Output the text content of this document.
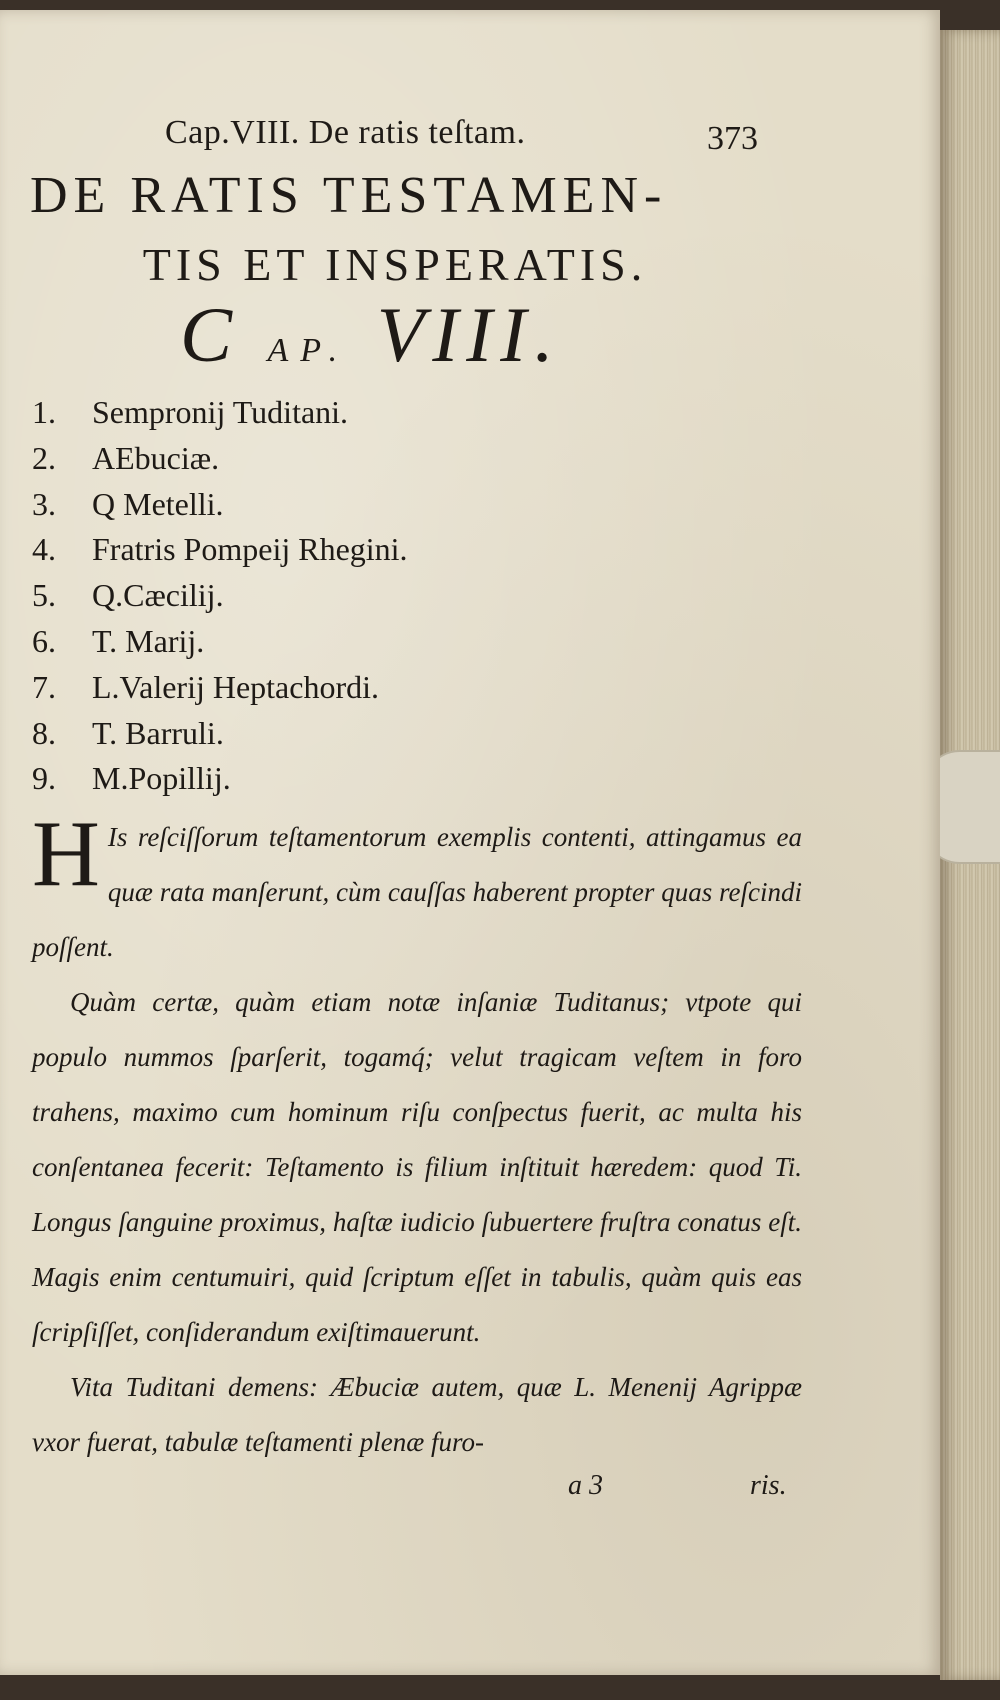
Cap.VIII. De ratis teſtam.	373
DE RATIS TESTAMEN-
TIS ET INSPERATIS.
C AP. VIII.
1. Sempronij Tuditani.
2. AEbuciæ.
3. Q Metelli.
4. Fratris Pompeij Rhegini.
5. Q.Cæcilij.
6. T. Marij.
7. L.Valerij Heptachordi.
8. T. Barruli.
9. M.Popillij.

H Is reſciſſorum teſtamentorum exemplis contenti, attingamus ea quæ rata manſerunt, cùm cauſſas haberent propter quas reſcindi poſſent.

Quàm certæ, quàm etiam notæ inſaniæ Tuditanus; vtpote qui populo nummos ſparſerit, togamq́; velut tragicam veſtem in foro trahens, maximo cum hominum riſu conſpectus fuerit, ac multa his conſentanea fecerit: Teſtamento is filium inſtituit hæredem: quod Ti. Longus ſanguine proximus, haſtæ iudicio ſubuertere fruſtra conatus eſt. Magis enim centumuiri, quid ſcriptum eſſet in tabulis, quàm quis eas ſcripſiſſet, conſiderandum exiſtimauerunt.

Vita Tuditani demens: Æbuciæ autem, quæ L. Menenij Agrippæ vxor fuerat, tabulæ teſtamenti plenæ furo-

a 3	ris.
